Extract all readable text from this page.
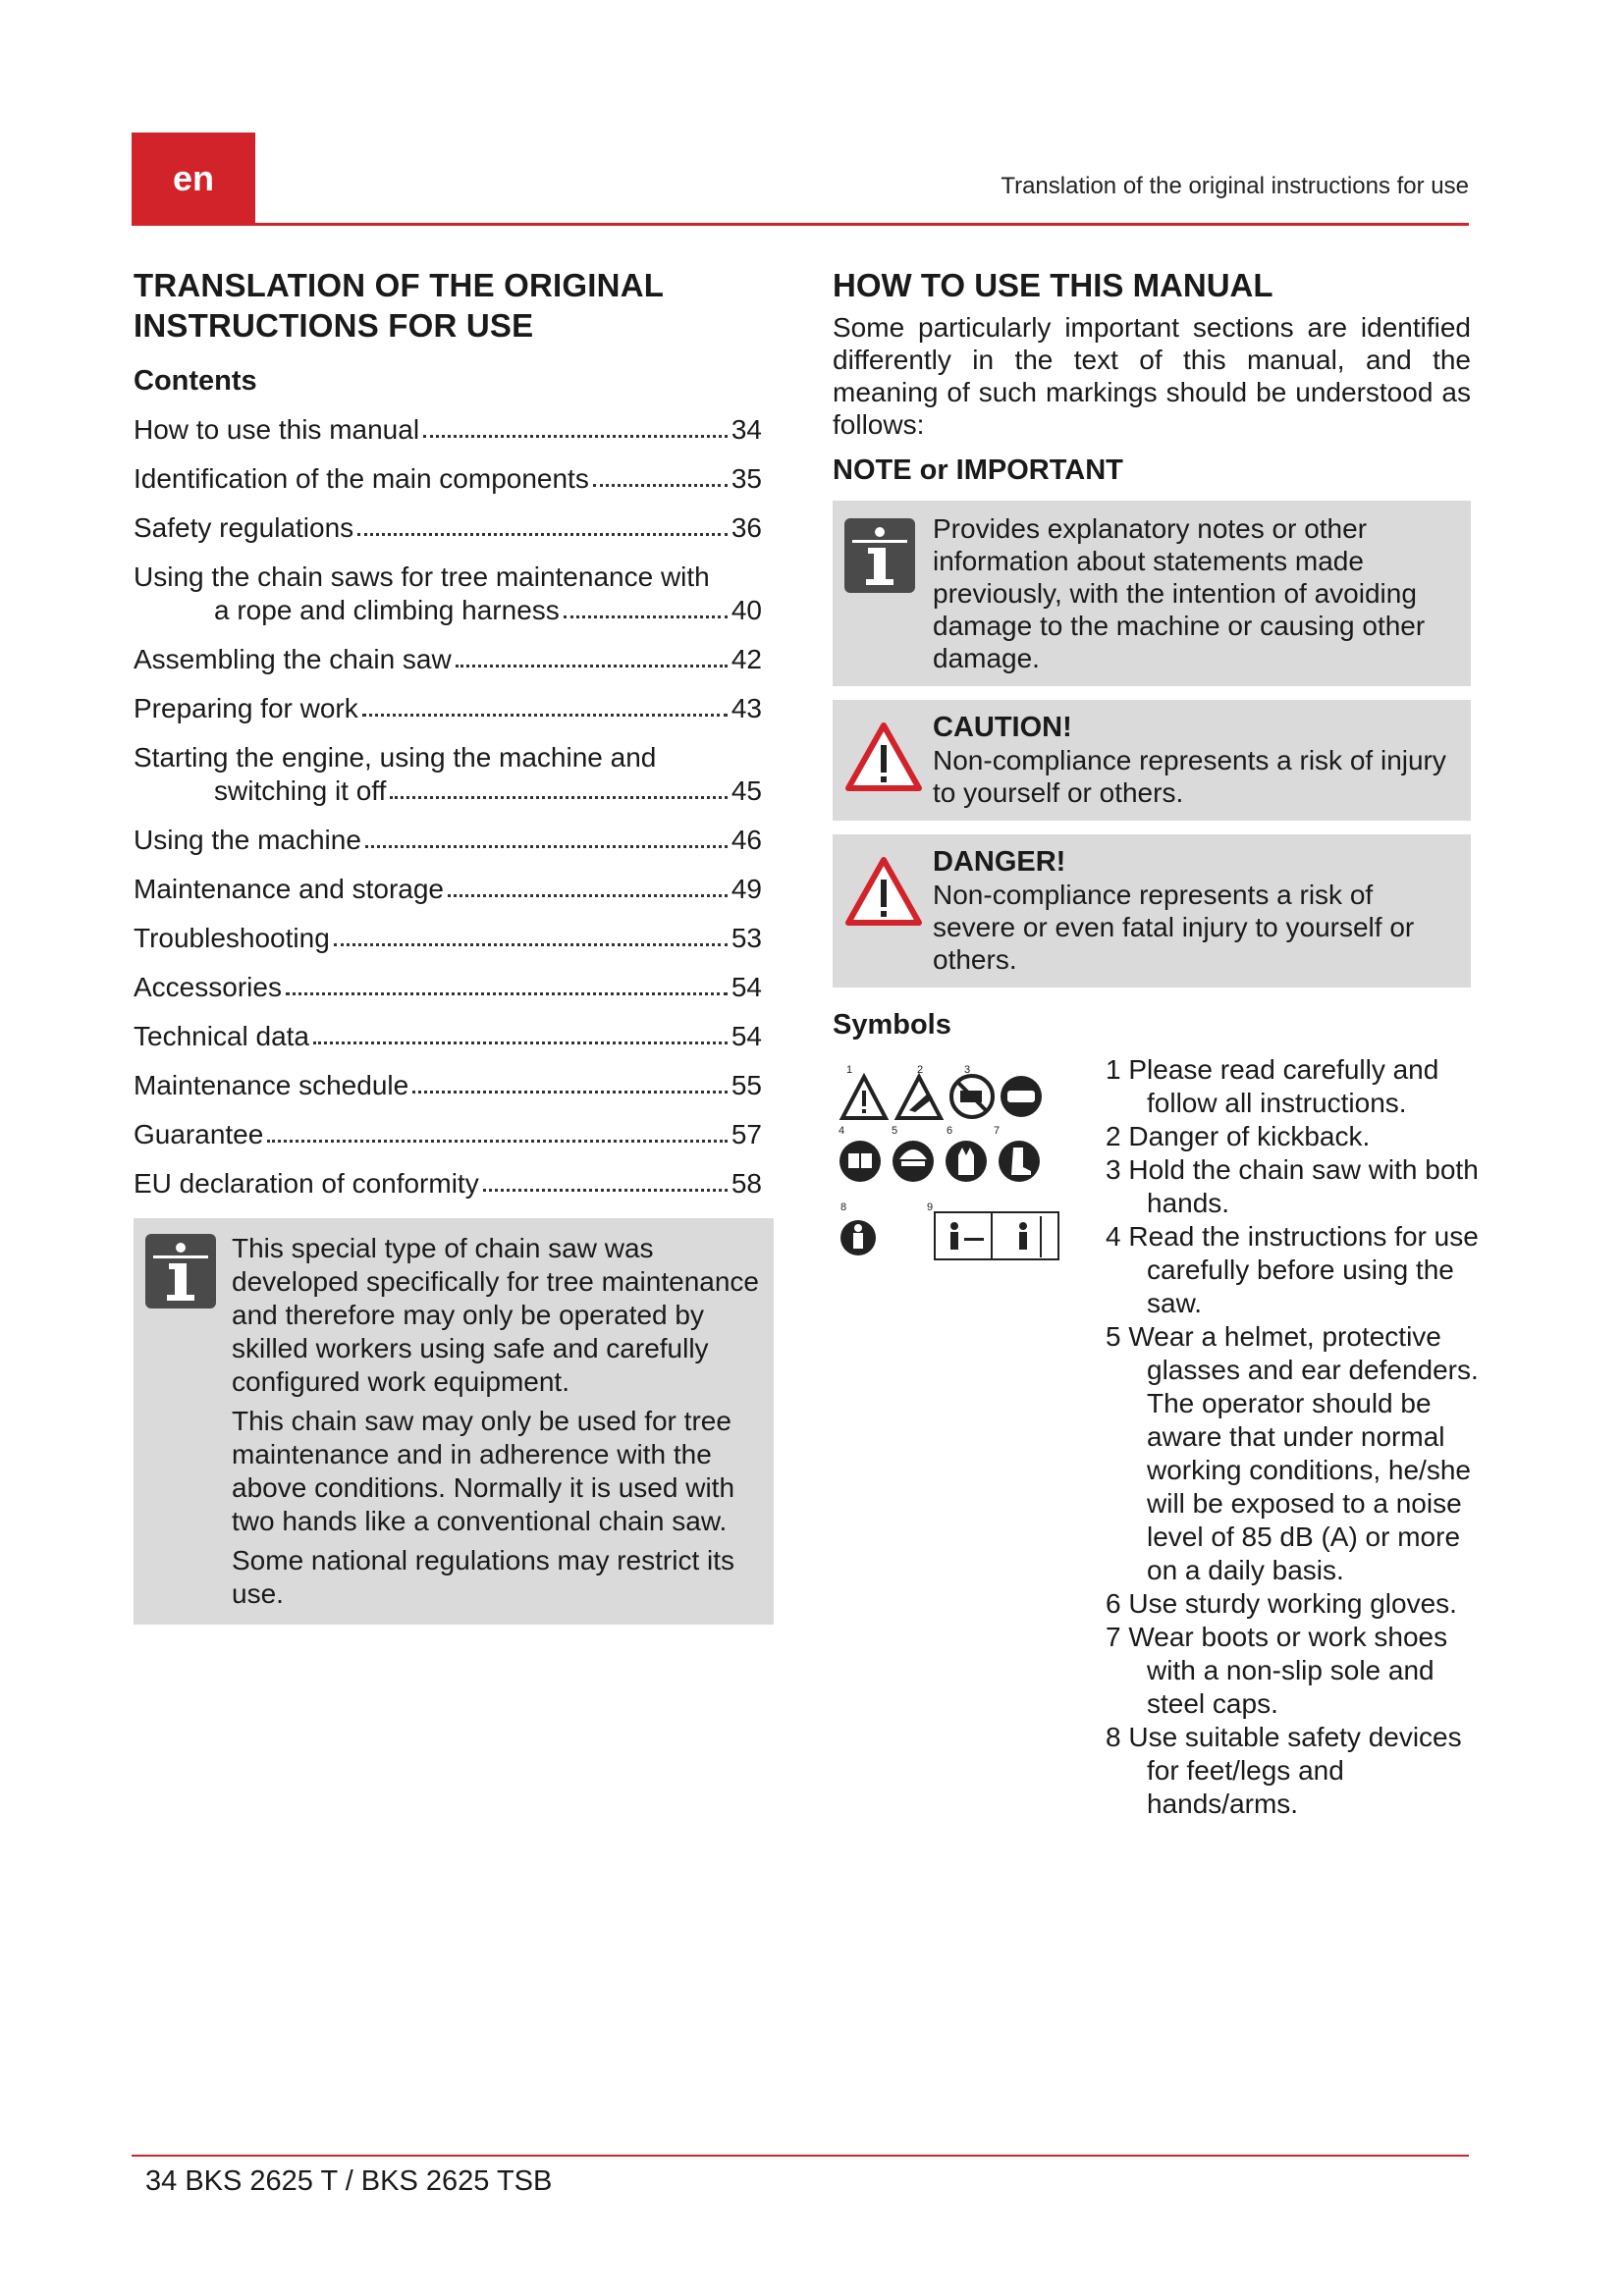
en	Translation of the original instructions for use
TRANSLATION OF THE ORIGINAL INSTRUCTIONS FOR USE
Contents
How to use this manual	34
Identification of the main components	35
Safety regulations	36
Using the chain saws for tree maintenance with
a rope and climbing harness	40
Assembling the chain saw	42
Preparing for work	43
Starting the engine, using the machine and
switching it off	45
Using the machine	46
Maintenance and storage	49
Troubleshooting	53
Accessories	54
Technical data	54
Maintenance schedule	55
Guarantee	57
EU declaration of conformity	58

This special type of chain saw was developed specifically for tree maintenance and therefore may only be operated by skilled workers using safe and carefully configured work equipment.

This chain saw may only be used for tree maintenance and in adherence with the above conditions. Normally it is used with two hands like a conventional chain saw.

Some national regulations may restrict its use.

HOW TO USE THIS MANUAL

Some particularly important sections are identified differently in the text of this manual, and the meaning of such markings should be understood as follows:

NOTE or IMPORTANT

Provides explanatory notes or other information about statements made previously, with the intention of avoiding damage to the machine or causing other damage.

CAUTION!

Non-compliance represents a risk of injury to yourself or others.

DANGER!

Non-compliance represents a risk of severe or even fatal injury to yourself or others.

Symbols
1	2	3
4	5	6	7
8	9
1 Please read carefully and follow all instructions.
2 Danger of kickback.
3 Hold the chain saw with both hands.
4 Read the instructions for use carefully before using the saw.
5 Wear a helmet, protective glasses and ear defenders. The operator should be aware that under normal working conditions, he/she will be exposed to a noise level of 85 dB (A) or more on a daily basis.
6 Use sturdy working gloves.
7 Wear boots or work shoes with a non-slip sole and steel caps.
8 Use suitable safety devices for feet/legs and hands/arms.
34 BKS 2625 T / BKS 2625 TSB
